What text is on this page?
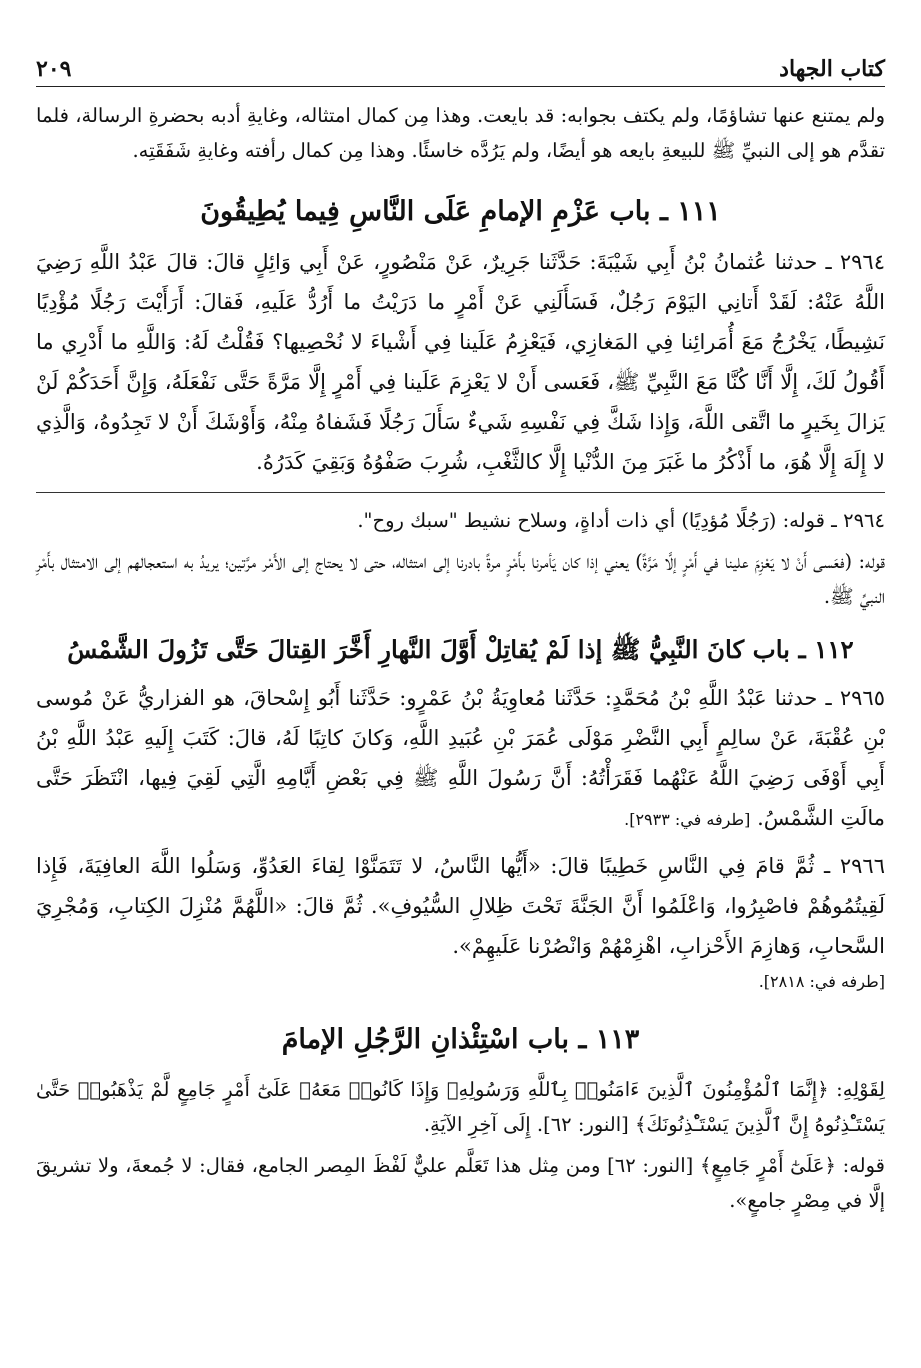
كتاب الجهاد
٢٠٩

ولم يمتنع عنها تشاؤمًا، ولم يكتف بجوابه: قد بايعت. وهذا مِن كمال امتثاله، وغايةِ أدبه بحضرةِ الرسالة، فلما تقدَّم هو إلى النبيِّ ﷺ للبيعةِ بايعه هو أيضًا، ولم يَرُدَّه خاسئًا. وهذا مِن كمال رأفته وغايةِ شَفَقَتِه.

١١١ ـ باب عَزْمِ الإمامِ عَلَى النَّاسِ فِيما يُطِيقُونَ

٢٩٦٤ ـ حدثنا عُثمانُ بْنُ أَبِي شَيْبَةَ: حَدَّثَنا جَرِيرٌ، عَنْ مَنْصُورٍ، عَنْ أَبِي وَائِلٍ قالَ: قالَ عَبْدُ اللَّهِ رَضِيَ اللَّهُ عَنْهُ: لَقَدْ أَتانِي اليَوْمَ رَجُلٌ، فَسَأَلَنِي عَنْ أَمْرٍ ما دَرَيْتُ ما أَرُدُّ عَلَيهِ، فَقالَ: أَرَأَيْتَ رَجُلًا مُؤْدِيًا نَشِيطًا، يَخْرُجُ مَعَ أُمَرائِنا فِي المَغازِي، فَيَعْزِمُ عَلَينا فِي أَشْياءَ لا نُحْصِيها؟ فَقُلْتُ لَهُ: وَاللَّهِ ما أَدْرِي ما أَقُولُ لَكَ، إِلَّا أَنَّا كُنَّا مَعَ النَّبِيِّ ﷺ، فَعَسى أَنْ لا يَعْزِمَ عَلَينا فِي أَمْرٍ إِلَّا مَرَّةً حَتَّى نَفْعَلَهُ، وَإِنَّ أَحَدَكُمْ لَنْ يَزالَ بِخَيرٍ ما اتَّقى اللَّهَ، وَإِذا شَكَّ فِي نَفْسِهِ شَيءٌ سَأَلَ رَجُلًا فَشَفاهُ مِنْهُ، وَأَوْشَكَ أَنْ لا تَجِدُوهُ، وَالَّذِي لا إِلَهَ إِلَّا هُوَ، ما أَذْكُرُ ما غَبَرَ مِنَ الدُّنْيا إِلَّا كالثَّغْبِ، شُرِبَ صَفْوُهُ وَبَقِيَ كَدَرُهُ.

٢٩٦٤ ـ قوله: (رَجُلًا مُؤدِيًا) أي ذات أداةٍ، وسلاح نشيط "سبك روح".

قوله: (فعَسى أَنْ لا يَعْزِمَ علينا في أَمْرٍ إلَّا مَرَّةً) يعني إذا كان يَأمرنا بأَمْرٍ مرةً بادرنا إلى امتثاله، حتى لا يحتاج إلى الأَمْر مرَّتين؛ يريدُ به استعجالهم إلى الامتثال بأَمْرِ النبيِّ ﷺ.

١١٢ ـ باب كانَ النَّبِيُّ ﷺ إذا لَمْ يُقاتِلْ أَوَّلَ النَّهارِ أَخَّرَ القِتالَ حَتَّى تَزُولَ الشَّمْسُ

٢٩٦٥ ـ حدثنا عَبْدُ اللَّهِ بْنُ مُحَمَّدٍ: حَدَّثَنا مُعاوِيَةُ بْنُ عَمْرٍو: حَدَّثَنا أَبُو إِسْحاقَ، هو الفزاريُّ عَنْ مُوسى بْنِ عُقْبَةَ، عَنْ سالِمٍ أَبِي النَّضْرِ مَوْلَى عُمَرَ بْنِ عُبَيدِ اللَّهِ، وَكانَ كاتِبًا لَهُ، قالَ: كَتَبَ إِلَيهِ عَبْدُ اللَّهِ بْنُ أَبِي أَوْفَى رَضِيَ اللَّهُ عَنْهُما فَقَرَأْتُهُ: أَنَّ رَسُولَ اللَّهِ ﷺ فِي بَعْضِ أَيَّامِهِ الَّتِي لَقِيَ فِيها، انْتَظَرَ حَتَّى مالَتِ الشَّمْسُ. [طرفه في: ٢٩٣٣].

٢٩٦٦ ـ ثُمَّ قامَ فِي النَّاسِ خَطِيبًا قالَ: «أَيُّها النَّاسُ، لا تَتَمَنَّوْا لِقاءَ العَدُوِّ، وَسَلُوا اللَّهَ العافِيَةَ، فَإِذا لَقِيتُمُوهُمْ فاصْبِرُوا، وَاعْلَمُوا أَنَّ الجَنَّةَ تَحْتَ ظِلالِ السُّيُوفِ». ثُمَّ قالَ: «اللَّهُمَّ مُنْزِلَ الكِتابِ، وَمُجْرِيَ السَّحابِ، وَهازِمَ الأَحْزابِ، اهْزِمْهُمْ وَانْصُرْنا عَلَيهِمْ».

[طرفه في: ٢٨١٨].
١١٣ ـ باب اسْتِئْذانِ الرَّجُلِ الإمامَ

لِقَوْلِهِ: ﴿إِنَّمَا ٱلْمُؤْمِنُونَ ٱلَّذِينَ ءَامَنُوا۟ بِٱللَّهِ وَرَسُولِهِۦ وَإِذَا كَانُوا۟ مَعَهُۥ عَلَىٰٓ أَمْرٍ جَامِعٍ لَّمْ يَذْهَبُوا۟ حَتَّىٰ يَسْتَـْٔذِنُوهُ إِنَّ ٱلَّذِينَ يَسْتَـْٔذِنُونَكَ﴾ [النور: ٦٢]. إِلَى آخِرِ الآيَةِ.

قوله: ﴿عَلَىٰٓ أَمْرٍ جَامِعٍ﴾ [النور: ٦٢] ومن مِثل هذا تَعَلَّم عليٌّ لَفْظَ المِصر الجامع، فقال: لا جُمعةَ، ولا تشريقَ إلَّا في مِصْرٍ جامعٍ».
